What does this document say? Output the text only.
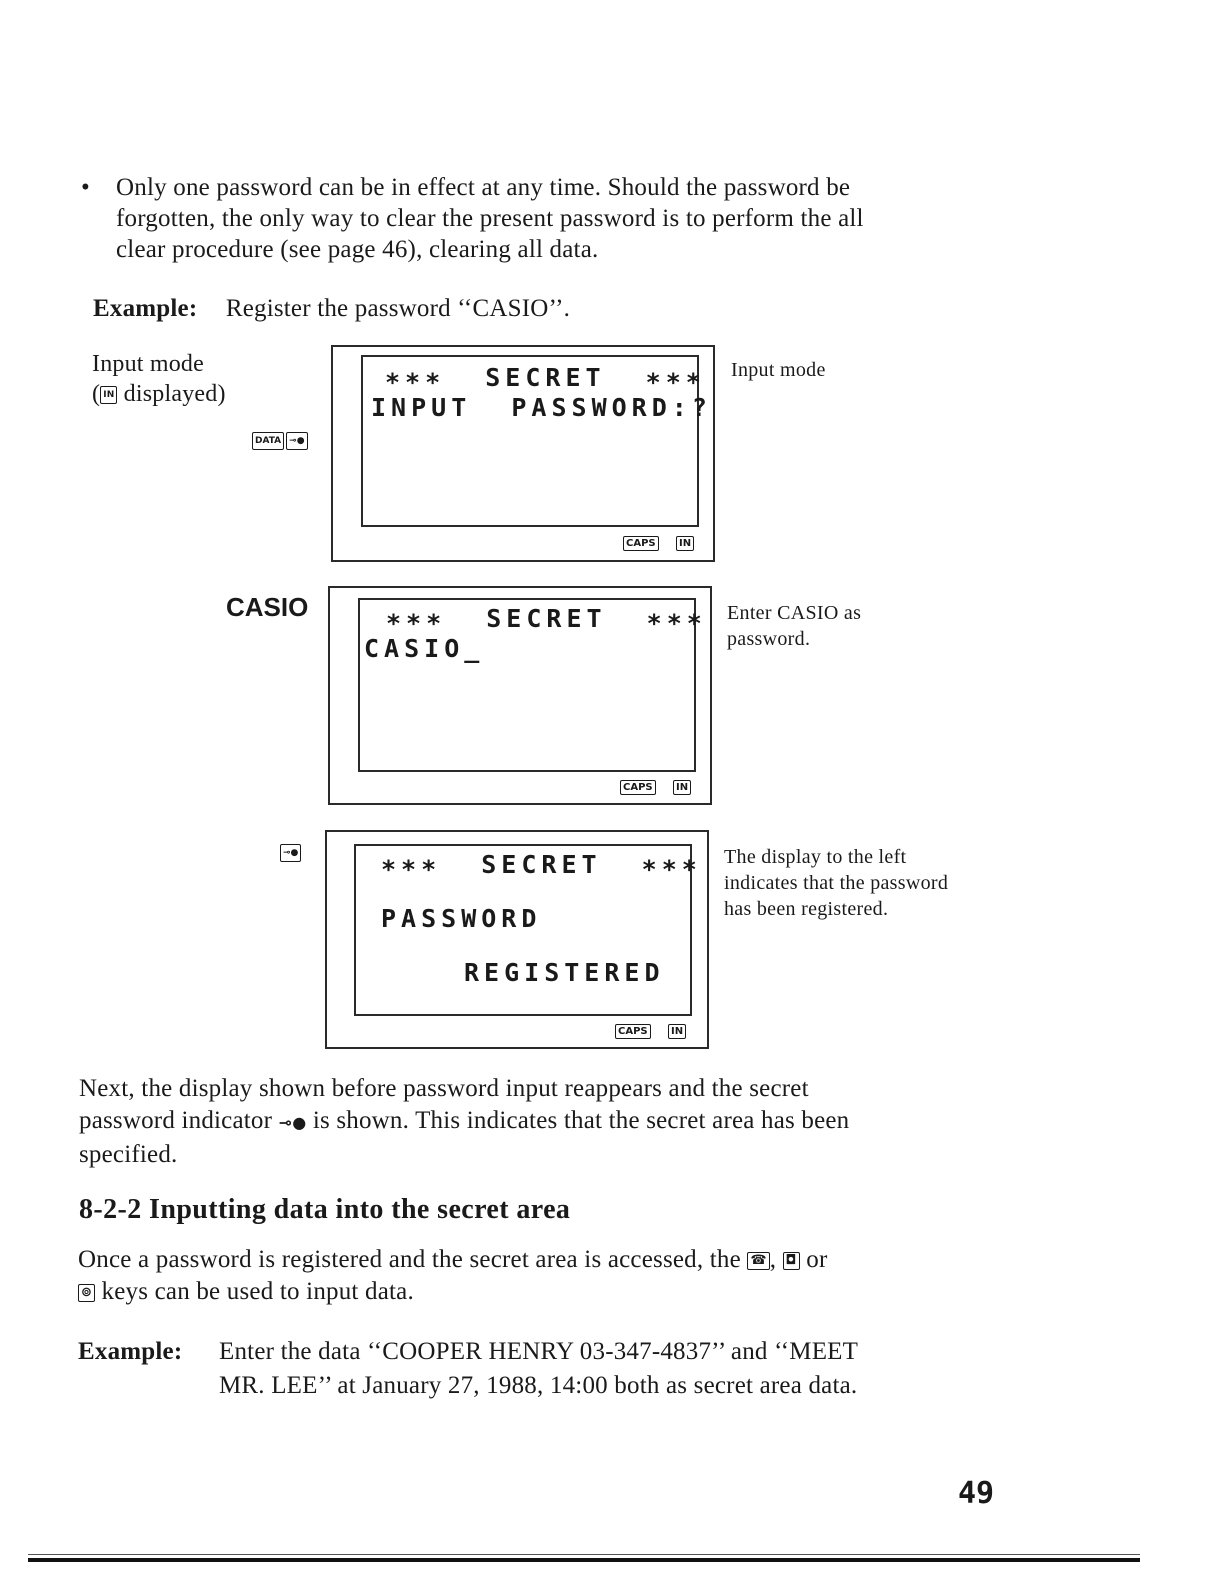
• Only one password can be in effect at any time. Should the password be
forgotten, the only way to clear the present password is to perform the all
clear procedure (see page 46), clearing all data.
Example: Register the password ‘‘CASIO’’.
Input mode
( IN displayed)
DATA ⊸●
∗∗∗  SECRET  ∗∗∗
INPUT  PASSWORD:?
CAPS	IN
Input mode
CASIO	∗∗∗  SECRET  ∗∗∗
CASIO_
CAPS	IN
Enter CASIO as password.
⊸●	∗∗∗  SECRET  ∗∗∗
PASSWORD
REGISTERED
CAPS	IN
The display to the left indicates that the password has been registered.
Next, the display shown before password input reappears and the secret
password indicator ⊸● is shown. This indicates that the secret area has been
specified.
8-2-2 Inputting data into the secret area
Once a password is registered and the secret area is accessed, the ☎ , ◘ or
⊚ keys can be used to input data.
Example: Enter the data ‘‘COOPER HENRY 03-347-4837’’ and ‘‘MEET
MR. LEE’’ at January 27, 1988, 14:00 both as secret area data.
49
